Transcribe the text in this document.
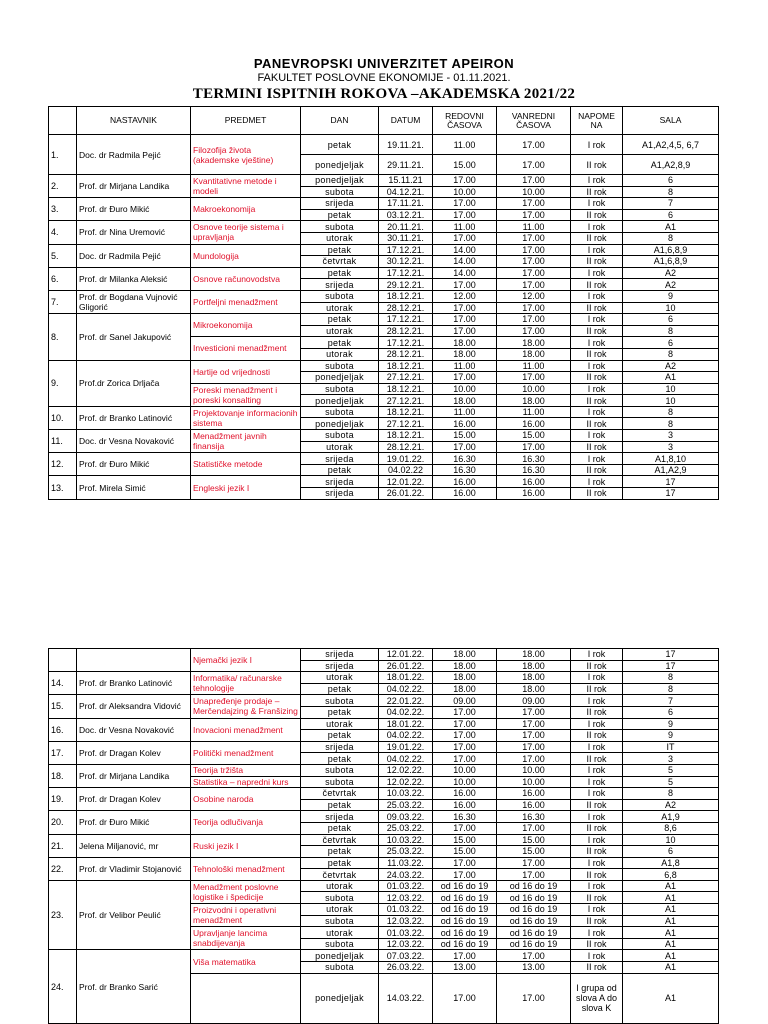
PANEVROPSKI UNIVERZITET APEIRON
FAKULTET POSLOVNE EKONOMIJE - 01.11.2021.
TERMINI ISPITNIH ROKOVA –AKADEMSKA 2021/22
	NASTAVNIK	PREDMET	DAN	DATUM	REDOVNI ČASOVA	VANREDNI ČASOVA	NAPOME NA	SALA
1.	Doc. dr Radmila Pejić	Filozofija života (akademske vještine)	petak	19.11.21.	11.00	17.00	I rok	A1,A2,4,5, 6,7
			ponedjeljak	29.11.21.	15.00	17.00	II rok	A1,A2,8,9
2.	Prof. dr Mirjana Landika	Kvantitativne metode i modeli	ponedjeljak	15.11.21	17.00	17.00	I rok	6
			subota	04.12.21.	10.00	10.00	II rok	8
3.	Prof. dr Đuro Mikić	Makroekonomija	srijeda	17.11.21.	17.00	17.00	I rok	7
			petak	03.12.21.	17.00	17.00	II rok	6
4.	Prof. dr Nina Uremović	Osnove teorije sistema i upravljanja	subota	20.11.21.	11.00	11.00	I rok	A1
			utorak	30.11.21.	17.00	17.00	II rok	8
5.	Doc. dr Radmila Pejić	Mundologija	petak	17.12.21.	14.00	17.00	I rok	A1,6,8,9
			četvrtak	30.12.21.	14.00	17.00	II rok	A1,6,8,9
6.	Prof. dr Milanka Aleksić	Osnove računovodstva	petak	17.12.21.	14.00	17.00	I rok	A2
			srijeda	29.12.21.	17.00	17.00	II rok	A2
7.	Prof. dr Bogdana Vujnović Gligorić	Portfeljni menadžment	subota	18.12.21.	12.00	12.00	I rok	9
			utorak	28.12.21.	17.00	17.00	II rok	10
8.	Prof. dr Sanel Jakupović	Mikroekonomija	petak	17.12.21.	17.00	17.00	I rok	6
			utorak	28.12.21.	17.00	17.00	II rok	8
		Investicioni menadžment	petak	17.12.21.	18.00	18.00	I rok	6
			utorak	28.12.21.	18.00	18.00	II rok	8
9.	Prof.dr Zorica Drljača	Hartije od vrijednosti	subota	18.12.21.	11.00	11.00	I rok	A2
			ponedjeljak	27.12.21.	17.00	17.00	II rok	A1
		Poreski menadžment i poreski konsalting	subota	18.12.21.	10.00	10.00	I rok	10
			ponedjeljak	27.12.21.	18.00	18.00	II rok	10
10.	Prof. dr Branko Latinović	Projektovanje informacionih sistema	subota	18.12.21.	11.00	11.00	I rok	8
			ponedjeljak	27.12.21.	16.00	16.00	II rok	8
11.	Doc. dr Vesna Novaković	Menadžment javnih finansija	subota	18.12.21.	15.00	15.00	I rok	3
			utorak	28.12.21.	17.00	17.00	II rok	3
12.	Prof. dr Đuro Mikić	Statističke metode	srijeda	19.01.22.	16.30	16.30	I rok	A1,8,10
			petak	04.02.22	16.30	16.30	II rok	A1,A2,9
13.	Prof. Mirela Simić	Engleski jezik I	srijeda	12.01.22.	16.00	16.00	I rok	17
			srijeda	26.01.22.	16.00	16.00	II rok	17
		Njemački jezik I	srijeda	12.01.22.	18.00	18.00	I rok	17
			srijeda	26.01.22.	18.00	18.00	II rok	17
14.	Prof. dr Branko Latinović	Informatika/ računarske tehnologije	utorak	18.01.22.	18.00	18.00	I rok	8
			petak	04.02.22.	18.00	18.00	II rok	8
15.	Prof. dr Aleksandra Vidović	Unapređenje prodaje – Merčendajzing & Franšizing	subota	22.01.22.	09.00	09.00	I rok	7
			petak	04.02.22.	17.00	17.00	II rok	6
16.	Doc. dr Vesna Novaković	Inovacioni menadžment	utorak	18.01.22.	17.00	17.00	I rok	9
			petak	04.02.22.	17.00	17.00	II rok	9
17.	Prof. dr Dragan Kolev	Politički menadžment	srijeda	19.01.22.	17.00	17.00	I rok	IT
			petak	04.02.22.	17.00	17.00	II rok	3
18.	Prof. dr Mirjana Landika	Teorija tržišta	subota	12.02.22.	10.00	10.00	I rok	5
		Statistika – napredni kurs	subota	12.02.22.	10.00	10.00	I rok	5
19.	Prof. dr Dragan Kolev	Osobine naroda	četvrtak	10.03.22.	16.00	16.00	I rok	8
			petak	25.03.22.	16.00	16.00	II rok	A2
20.	Prof. dr Đuro Mikić	Teorija odlučivanja	srijeda	09.03.22.	16.30	16.30	I rok	A1,9
			petak	25.03.22.	17.00	17.00	II rok	8,6
21.	Jelena Miljanović, mr	Ruski jezik I	četvrtak	10.03.22.	15.00	15.00	I rok	10
			petak	25.03.22.	15.00	15.00	II rok	6
22.	Prof. dr Vladimir Stojanović	Tehnološki menadžment	petak	11.03.22.	17.00	17.00	I rok	A1,8
			četvrtak	24.03.22.	17.00	17.00	II rok	6,8
23.	Prof. dr Velibor Peulić	Menadžment poslovne logistike i špedicije	utorak	01.03.22.	od 16 do 19	od 16 do 19	I rok	A1
			subota	12.03.22.	od 16 do 19	od 16 do 19	II rok	A1
		Proizvodni i operativni menadžment	utorak	01.03.22.	od 16 do 19	od 16 do 19	I rok	A1
			subota	12.03.22.	od 16 do 19	od 16 do 19	II rok	A1
		Upravljanje lancima snabdijevanja	utorak	01.03.22.	od 16 do 19	od 16 do 19	I rok	A1
			subota	12.03.22.	od 16 do 19	od 16 do 19	II rok	A1
24.	Prof. dr Branko Sarić	Viša matematika	ponedjeljak	07.03.22.	17.00	17.00	I rok	A1
			subota	26.03.22.	13.00	13.00	II rok	A1
			ponedjeljak	14.03.22.	17.00	17.00	I grupa od slova A do slova K	A1
